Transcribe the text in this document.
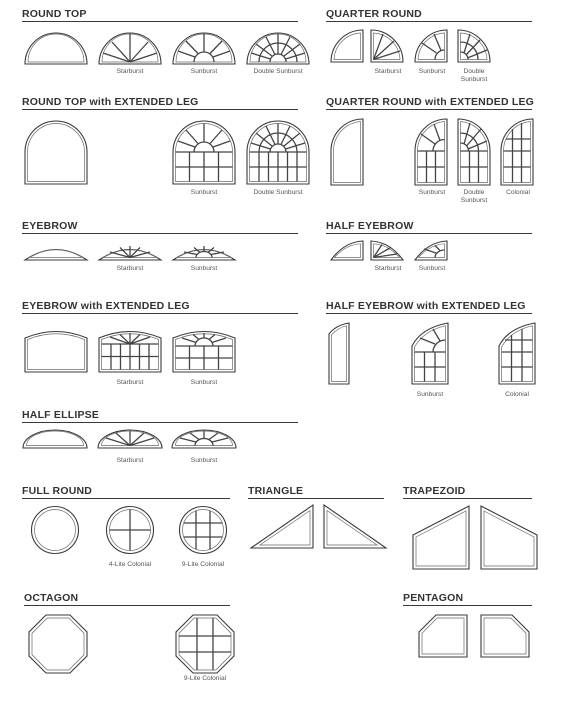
ROUND TOP	QUARTER ROUND
ROUND TOP with EXTENDED LEG	QUARTER ROUND with EXTENDED LEG
EYEBROW	HALF EYEBROW
EYEBROW with EXTENDED LEG	HALF EYEBROW with EXTENDED LEG
HALF ELLIPSE
FULL ROUND	TRIANGLE	TRAPEZOID
OCTAGON	PENTAGON
Starburst	Sunburst	Double Sunburst	Starburst	Sunburst	Double
Sunburst
Sunburst	Double Sunburst	Sunburst	Double
Sunburst
Colonial
Starburst	Sunburst	Starburst	Sunburst
Starburst	Sunburst
Sunburst	Colonial
Starburst	Sunburst
4-Lite Colonial	9-Lite Colonial
9-Lite Colonial
